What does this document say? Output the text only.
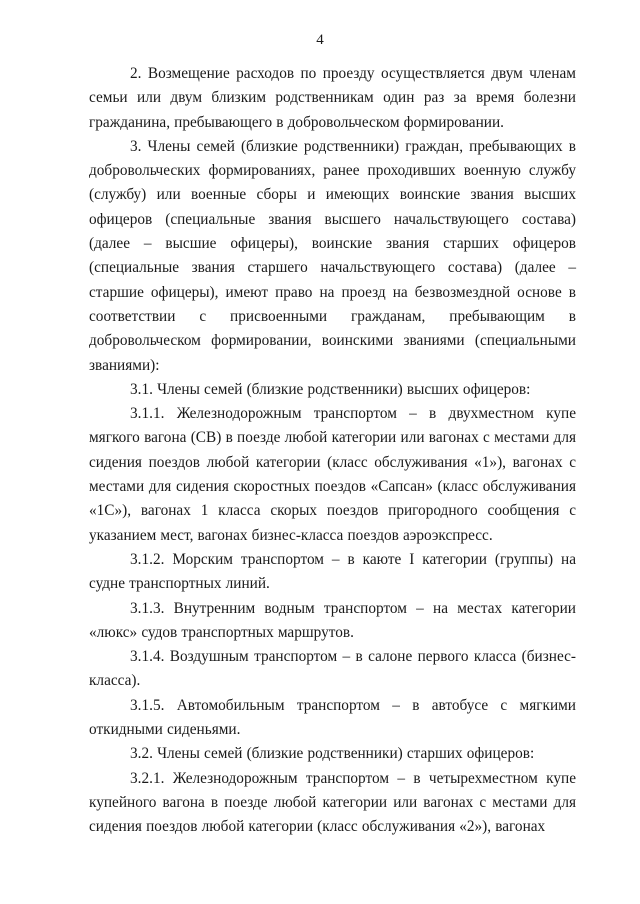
4

2. Возмещение расходов по проезду осуществляется двум членам семьи или двум близким родственникам один раз за время болезни гражданина, пребывающего в добровольческом формировании.

3. Члены семей (близкие родственники) граждан, пребывающих в добровольческих формированиях, ранее проходивших военную службу (службу) или военные сборы и имеющих воинские звания высших офицеров (специальные звания высшего начальствующего состава) (далее – высшие офицеры), воинские звания старших офицеров (специальные звания старшего начальствующего состава) (далее – старшие офицеры), имеют право на проезд на безвозмездной основе в соответствии с присвоенными гражданам, пребывающим в добровольческом формировании, воинскими званиями (специальными званиями):

3.1. Члены семей (близкие родственники) высших офицеров:

3.1.1. Железнодорожным транспортом – в двухместном купе мягкого вагона (СВ) в поезде любой категории или вагонах с местами для сидения поездов любой категории (класс обслуживания «1»), вагонах с местами для сидения скоростных поездов «Сапсан» (класс обслуживания «1С»), вагонах 1 класса скорых поездов пригородного сообщения с указанием мест, вагонах бизнес-класса поездов аэроэкспресс.

3.1.2. Морским транспортом – в каюте I категории (группы) на судне транспортных линий.

3.1.3. Внутренним водным транспортом – на местах категории «люкс» судов транспортных маршрутов.

3.1.4. Воздушным транспортом – в салоне первого класса (бизнес-класса).

3.1.5. Автомобильным транспортом – в автобусе с мягкими откидными сиденьями.

3.2. Члены семей (близкие родственники) старших офицеров:

3.2.1. Железнодорожным транспортом – в четырехместном купе купейного вагона в поезде любой категории или вагонах с местами для сидения поездов любой категории (класс обслуживания «2»), вагонах
